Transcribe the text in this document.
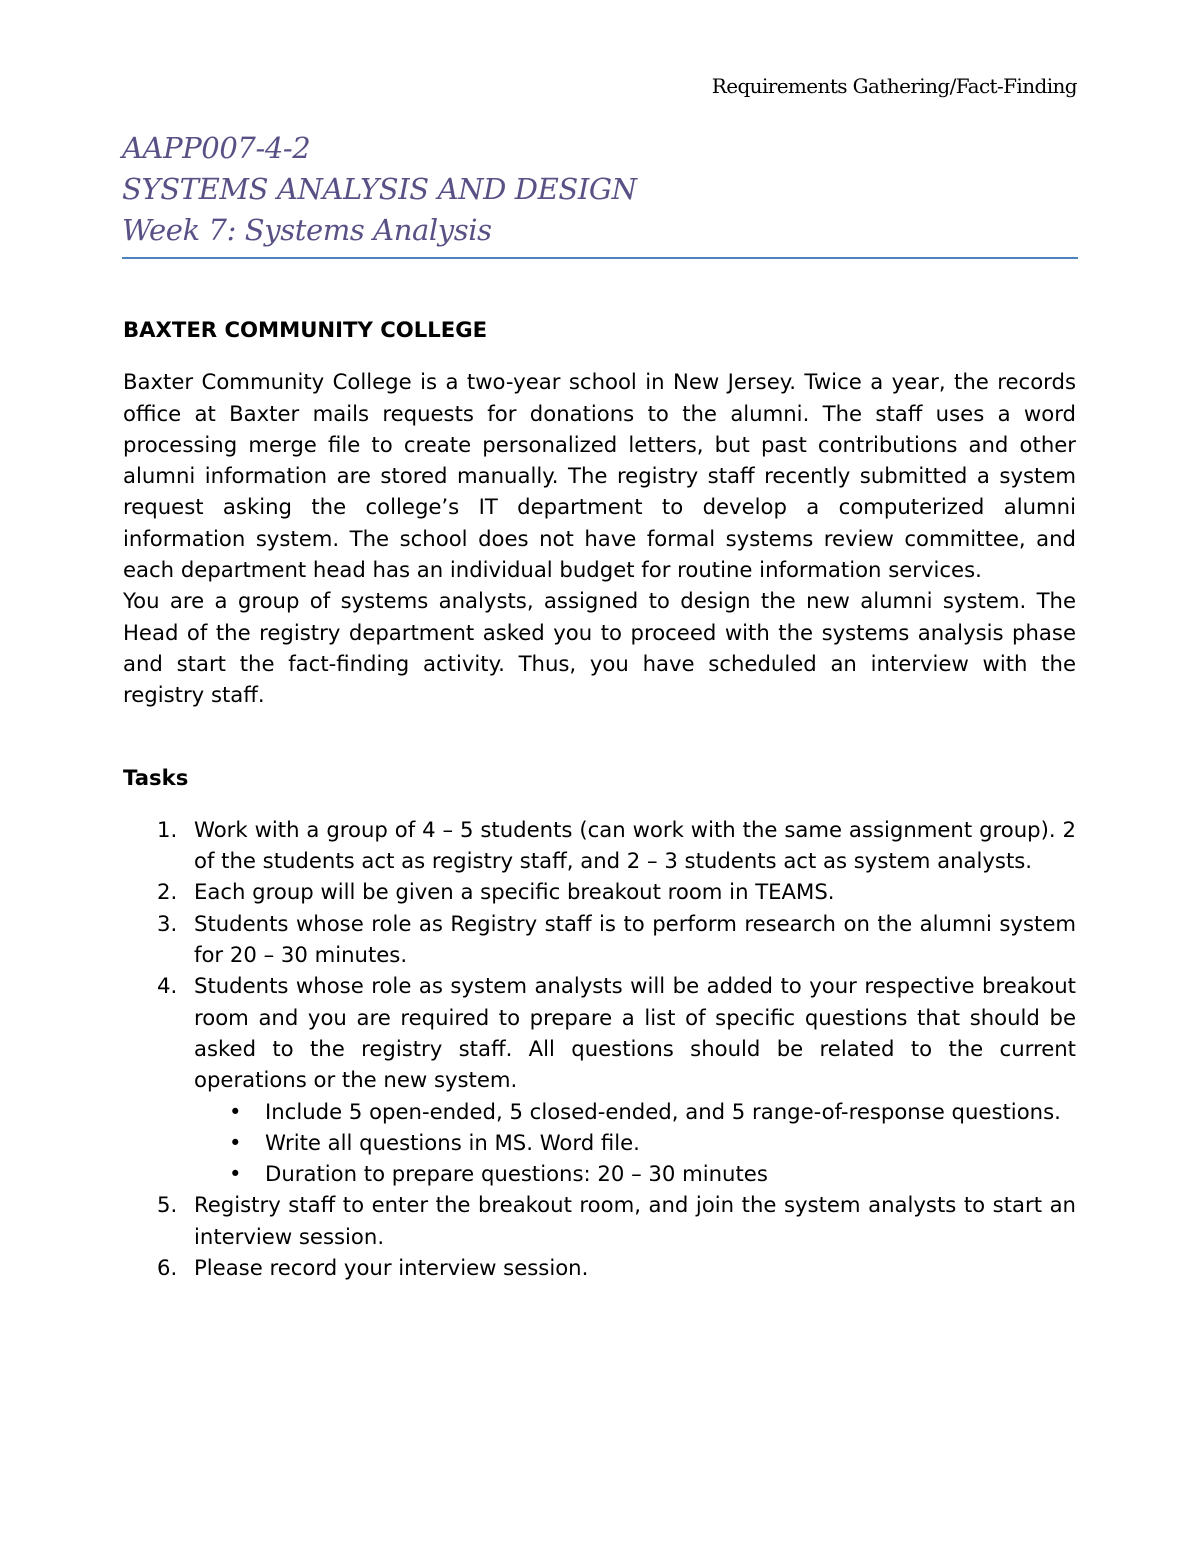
Requirements Gathering/Fact-Finding
AAPP007-4-2
SYSTEMS ANALYSIS AND DESIGN
Week 7: Systems Analysis

BAXTER COMMUNITY COLLEGE

Baxter Community College is a two-year school in New Jersey. Twice a year, the records office at Baxter mails requests for donations to the alumni. The staff uses a word processing merge file to create personalized letters, but past contributions and other alumni information are stored manually. The registry staff recently submitted a system request asking the college’s IT department to develop a computerized alumni information system. The school does not have formal systems review committee, and each department head has an individual budget for routine information services.

You are a group of systems analysts, assigned to design the new alumni system. The Head of the registry department asked you to proceed with the systems analysis phase and start the fact-finding activity. Thus, you have scheduled an interview with the registry staff.

Tasks

1. Work with a group of 4 – 5 students (can work with the same assignment group). 2 of the students act as registry staff, and 2 – 3 students act as system analysts.
2. Each group will be given a specific breakout room in TEAMS.
3. Students whose role as Registry staff is to perform research on the alumni system for 20 – 30 minutes.
4. Students whose role as system analysts will be added to your respective breakout room and you are required to prepare a list of specific questions that should be asked to the registry staff. All questions should be related to the current operations or the new system.
• Include 5 open-ended, 5 closed-ended, and 5 range-of-response questions.
• Write all questions in MS. Word file.
• Duration to prepare questions: 20 – 30 minutes
5. Registry staff to enter the breakout room, and join the system analysts to start an interview session.
6. Please record your interview session.
